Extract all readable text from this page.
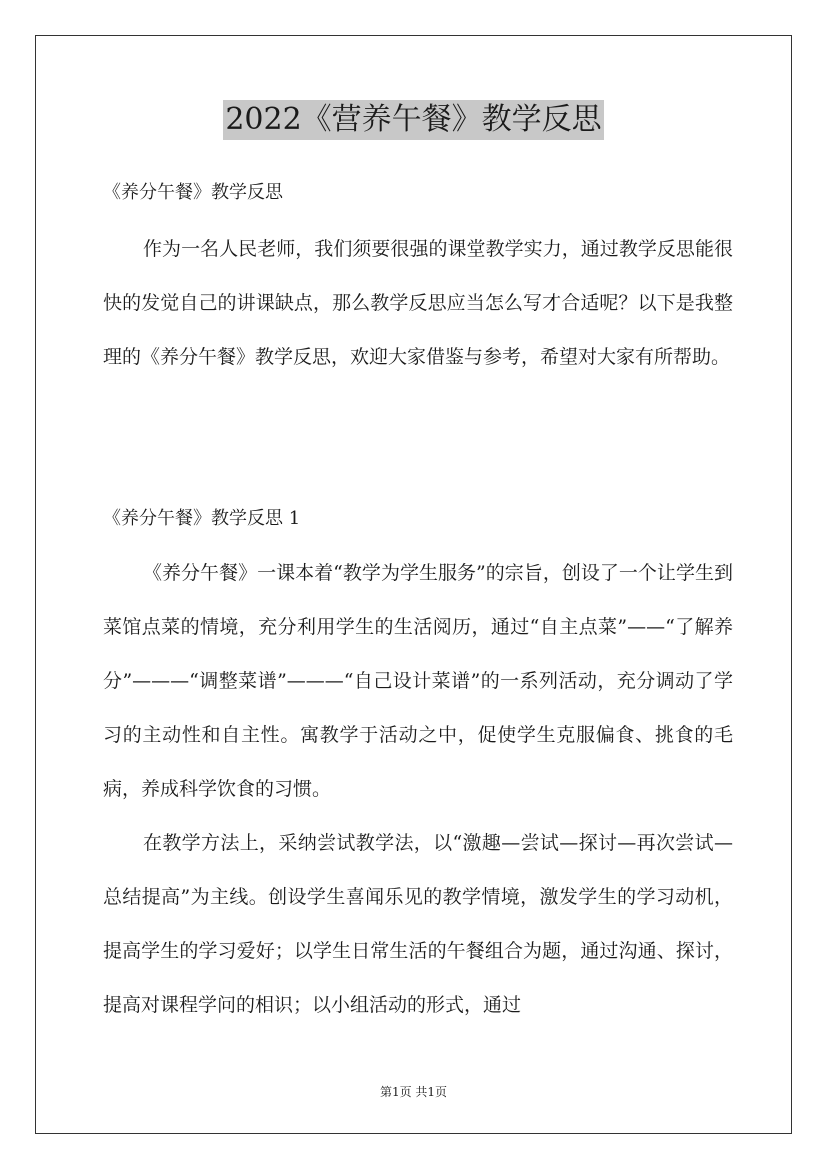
2022《营养午餐》教学反思
《养分午餐》教学反思

作为一名人民老师，我们须要很强的课堂教学实力，通过教学反思能很快的发觉自己的讲课缺点，那么教学反思应当怎么写才合适呢？以下是我整理的《养分午餐》教学反思，欢迎大家借鉴与参考，希望对大家有所帮助。

《养分午餐》教学反思 1

《养分午餐》一课本着“教学为学生服务”的宗旨，创设了一个让学生到菜馆点菜的情境，充分利用学生的生活阅历，通过“自主点菜”——“了解养分”———“调整菜谱”———“自己设计菜谱”的一系列活动，充分调动了学习的主动性和自主性。寓教学于活动之中，促使学生克服偏食、挑食的毛病，养成科学饮食的习惯。

在教学方法上，采纳尝试教学法，以“激趣—尝试—探讨—再次尝试—总结提高”为主线。创设学生喜闻乐见的教学情境，激发学生的学习动机，提高学生的学习爱好；以学生日常生活的午餐组合为题，通过沟通、探讨，提高对课程学问的相识；以小组活动的形式，通过

第1页 共1页
